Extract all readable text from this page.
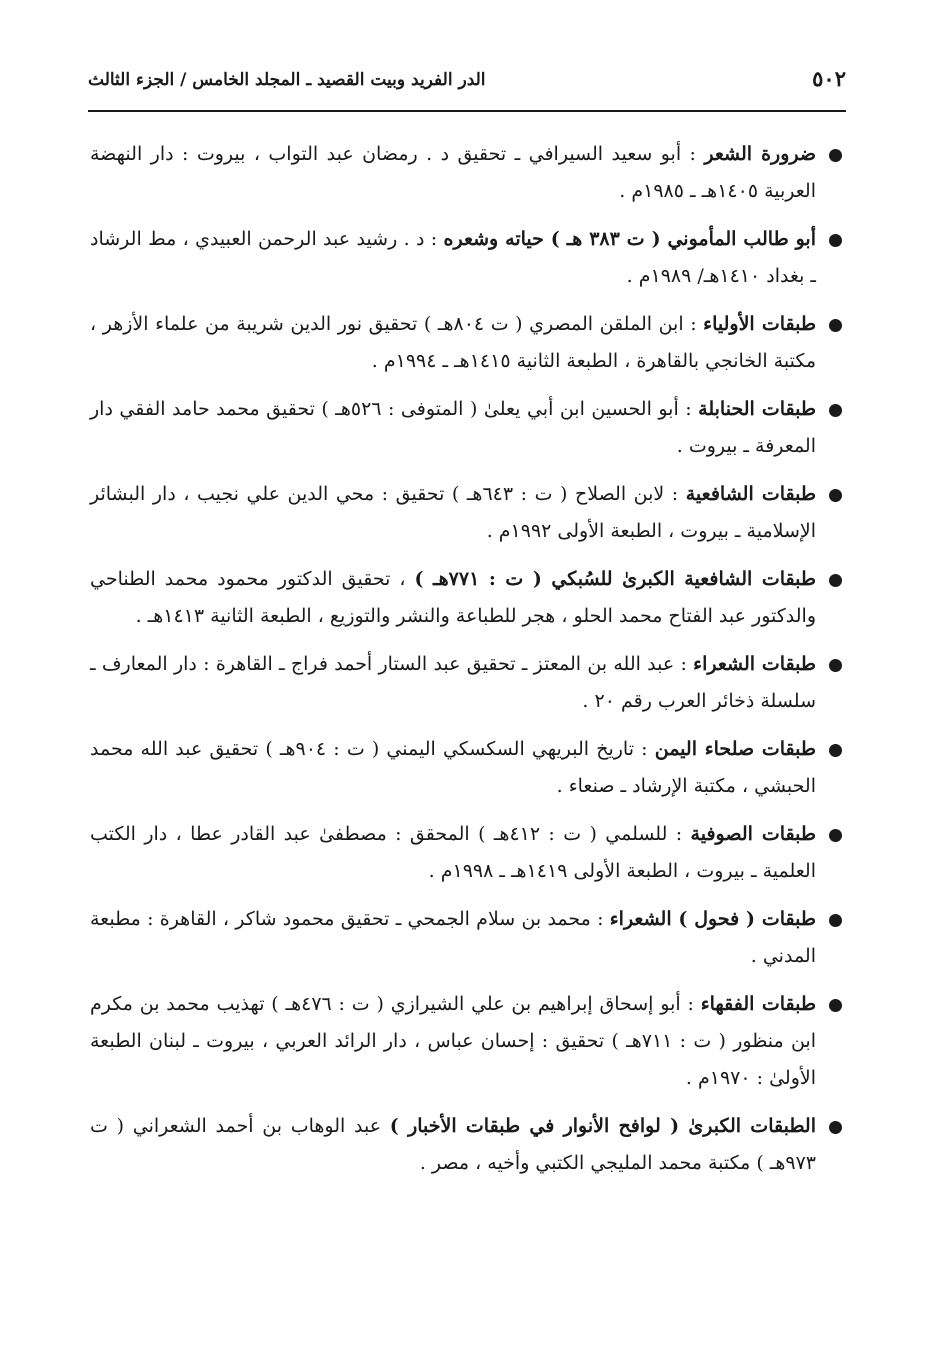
٥٠٢
الدر الفريد وبيت القصيد ـ المجلد الخامس / الجزء الثالث
ضرورة الشعر : أبو سعيد السيرافي ـ تحقيق د . رمضان عبد التواب ، بيروت : دار النهضة العربية ١٤٠٥هـ ـ ١٩٨٥م .
أبو طالب المأموني ( ت ٣٨٣ هـ ) حياته وشعره : د . رشيد عبد الرحمن العبيدي ، مط الرشاد ـ بغداد ١٤١٠هـ/ ١٩٨٩م .
طبقات الأولياء : ابن الملقن المصري ( ت ٨٠٤هـ ) تحقيق نور الدين شريبة من علماء الأزهر ، مكتبة الخانجي بالقاهرة ، الطبعة الثانية ١٤١٥هـ ـ ١٩٩٤م .
طبقات الحنابلة : أبو الحسين ابن أبي يعلىٰ ( المتوفى : ٥٢٦هـ ) تحقيق محمد حامد الفقي دار المعرفة ـ بيروت .
طبقات الشافعية : لابن الصلاح ( ت : ٦٤٣هـ ) تحقيق : محي الدين علي نجيب ، دار البشائر الإسلامية ـ بيروت ، الطبعة الأولى ١٩٩٢م .
طبقات الشافعية الكبرىٰ للسُبكي ( ت : ٧٧١هـ ) ، تحقيق الدكتور محمود محمد الطناحي والدكتور عبد الفتاح محمد الحلو ، هجر للطباعة والنشر والتوزيع ، الطبعة الثانية ١٤١٣هـ .
طبقات الشعراء : عبد الله بن المعتز ـ تحقيق عبد الستار أحمد فراج ـ القاهرة : دار المعارف ـ سلسلة ذخائر العرب رقم ٢٠ .
طبقات صلحاء اليمن : تاريخ البريهي السكسكي اليمني ( ت : ٩٠٤هـ ) تحقيق عبد الله محمد الحبشي ، مكتبة الإرشاد ـ صنعاء .
طبقات الصوفية : للسلمي ( ت : ٤١٢هـ ) المحقق : مصطفىٰ عبد القادر عطا ، دار الكتب العلمية ـ بيروت ، الطبعة الأولى ١٤١٩هـ ـ ١٩٩٨م .
طبقات ( فحول ) الشعراء : محمد بن سلام الجمحي ـ تحقيق محمود شاكر ، القاهرة : مطبعة المدني .
طبقات الفقهاء : أبو إسحاق إبراهيم بن علي الشيرازي ( ت : ٤٧٦هـ ) تهذيب محمد بن مكرم ابن منظور ( ت : ٧١١هـ ) تحقيق : إحسان عباس ، دار الرائد العربي ، بيروت ـ لبنان الطبعة الأولىٰ : ١٩٧٠م .
الطبقات الكبرىٰ ( لوافح الأنوار في طبقات الأخبار ) عبد الوهاب بن أحمد الشعراني ( ت ٩٧٣هـ ) مكتبة محمد المليجي الكتبي وأخيه ، مصر .
